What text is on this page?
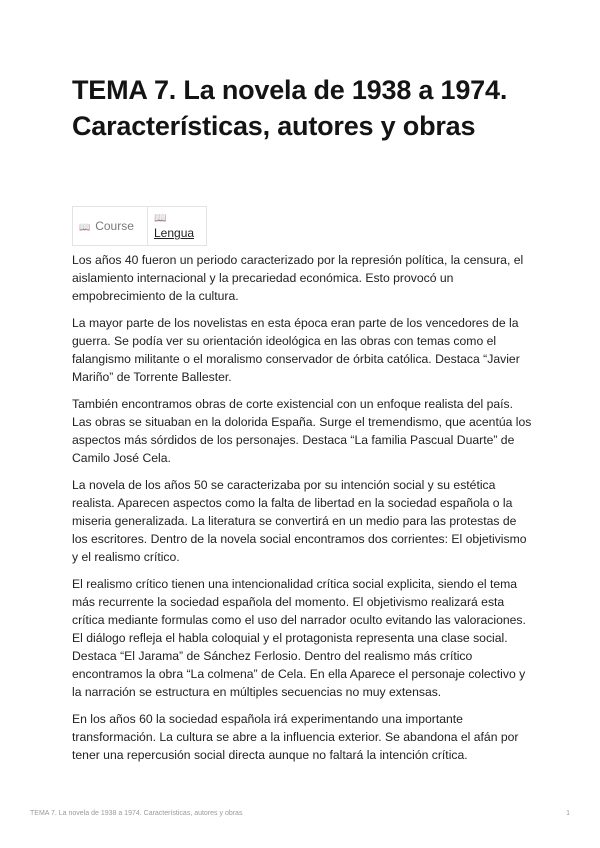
TEMA 7. La novela de 1938 a 1974. Características, autores y obras
📖 Course	
📖
Lengua

Los años 40 fueron un periodo caracterizado por la represión política, la censura, el aislamiento internacional y la precariedad económica. Esto provocó un empobrecimiento de la cultura.

La mayor parte de los novelistas en esta época eran parte de los vencedores de la guerra. Se podía ver su orientación ideológica en las obras con temas como el falangismo militante o el moralismo conservador de órbita católica. Destaca “Javier Mariño” de Torrente Ballester.

También encontramos obras de corte existencial con un enfoque realista del país. Las obras se situaban en la dolorida España. Surge el tremendismo, que acentúa los aspectos más sórdidos de los personajes. Destaca “La familia Pascual Duarte” de Camilo José Cela.

La novela de los años 50 se caracterizaba por su intención social y su estética realista. Aparecen aspectos como la falta de libertad en la sociedad española o la miseria generalizada. La literatura se convertirá en un medio para las protestas de los escritores. Dentro de la novela social encontramos dos corrientes: El objetivismo y el realismo crítico.

El realismo crítico tienen una intencionalidad crítica social explicita, siendo el tema más recurrente la sociedad española del momento. El objetivismo realizará esta crítica mediante formulas como el uso del narrador oculto evitando las valoraciones. El diálogo refleja el habla coloquial y el protagonista representa una clase social. Destaca “El Jarama” de Sánchez Ferlosio. Dentro del realismo más crítico encontramos la obra “La colmena” de Cela. En ella Aparece el personaje colectivo y la narración se estructura en múltiples secuencias no muy extensas.

En los años 60 la sociedad española irá experimentando una importante transformación. La cultura se abre a la influencia exterior. Se abandona el afán por tener una repercusión social directa aunque no faltará la intención crítica.

TEMA 7. La novela de 1938 a 1974. Características, autores y obras	1
